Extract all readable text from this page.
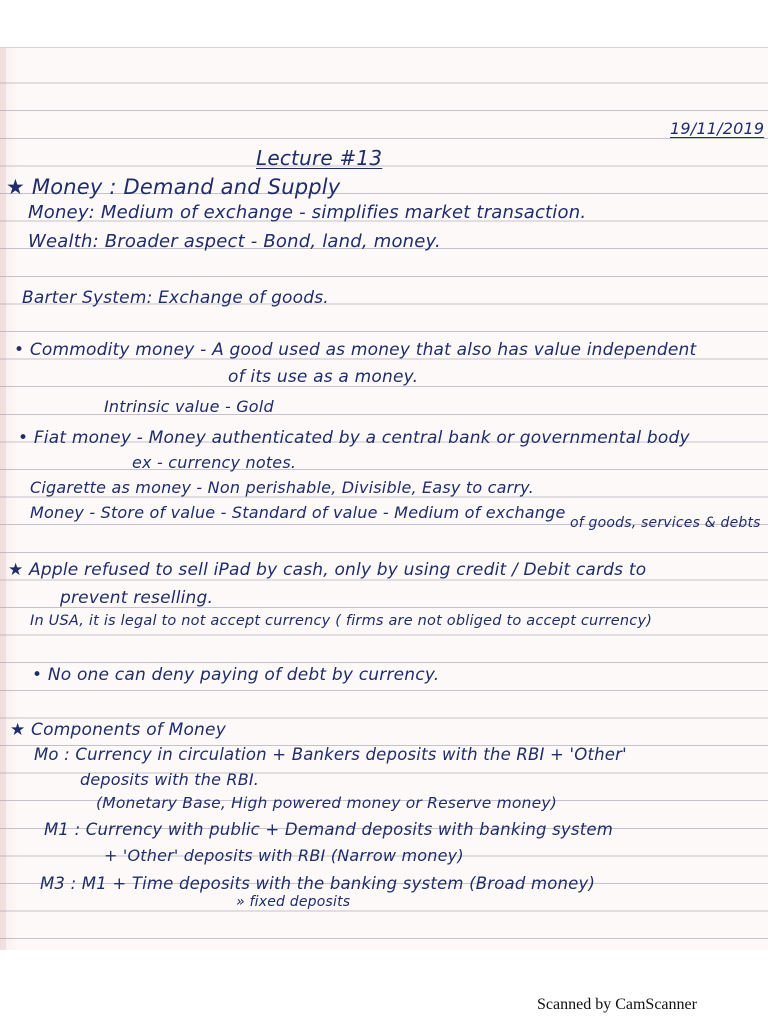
19/11/2019

Lecture #13

★ Money : Demand and Supply

Money: Medium of exchange - simplifies market transaction.

Wealth: Broader aspect - Bond, land, money.

Barter System: Exchange of goods.

• Commodity money - A good used as money that also has value independent

of its use as a money.

Intrinsic value - Gold

• Fiat money - Money authenticated by a central bank or governmental body

ex - currency notes.

Cigarette as money - Non perishable, Divisible, Easy to carry.

Money - Store of value - Standard of value - Medium of exchange

of goods, services & debts

★ Apple refused to sell iPad by cash, only by using credit / Debit cards to

prevent reselling.

In USA, it is legal to not accept currency ( firms are not obliged to accept currency)

• No one can deny paying of debt by currency.

★ Components of Money

Mo : Currency in circulation + Bankers deposits with the RBI + 'Other'

deposits with the RBI.

(Monetary Base, High powered money or Reserve money)

M1 : Currency with public + Demand deposits with banking system

+ 'Other' deposits with RBI (Narrow money)

M3 : M1 + Time deposits with the banking system (Broad money)

» fixed deposits

Scanned by CamScanner
